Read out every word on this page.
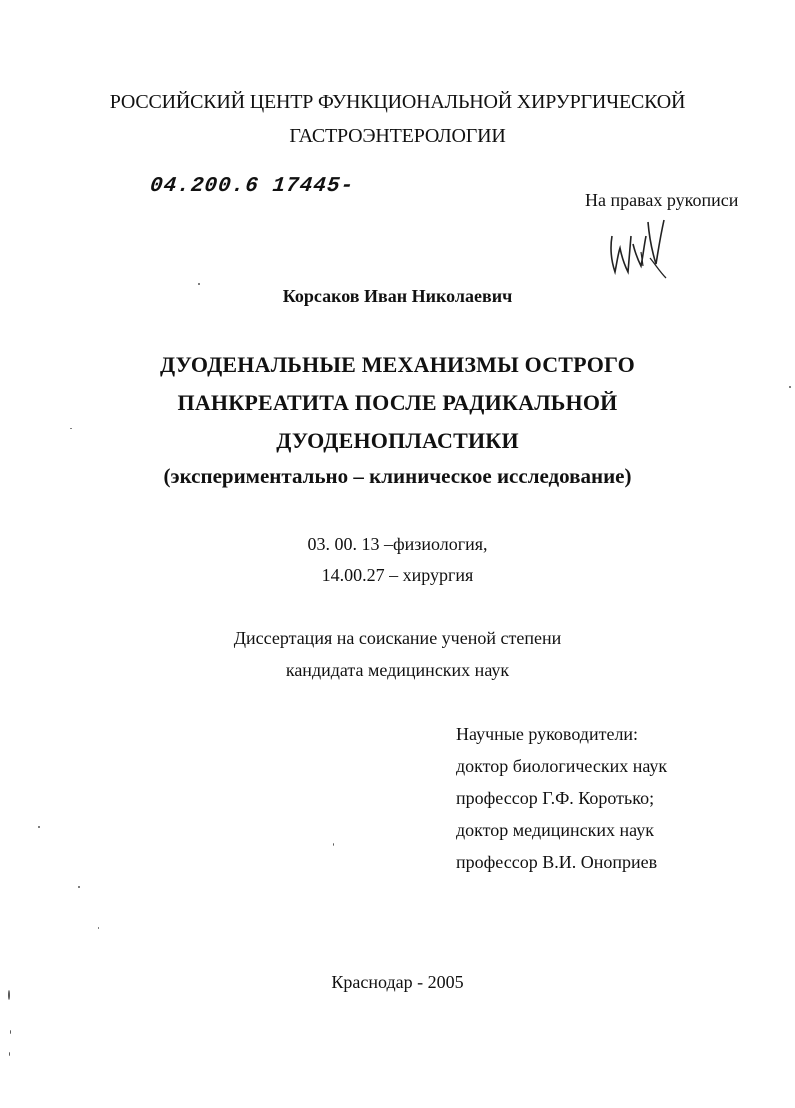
РОССИЙСКИЙ ЦЕНТР ФУНКЦИОНАЛЬНОЙ ХИРУРГИЧЕСКОЙ
ГАСТРОЭНТЕРОЛОГИИ
04.200.6 17445-
На правах рукописи
Корсаков Иван Николаевич
ДУОДЕНАЛЬНЫЕ МЕХАНИЗМЫ ОСТРОГО
ПАНКРЕАТИТА ПОСЛЕ РАДИКАЛЬНОЙ
ДУОДЕНОПЛАСТИКИ
(экспериментально – клиническое исследование)
03. 00. 13 –физиология,
14.00.27 – хирургия
Диссертация на соискание ученой степени
кандидата медицинских наук
Научные руководители:
доктор биологических наук
профессор Г.Ф. Коротько;
доктор медицинских наук
профессор В.И. Оноприев
Краснодар - 2005
